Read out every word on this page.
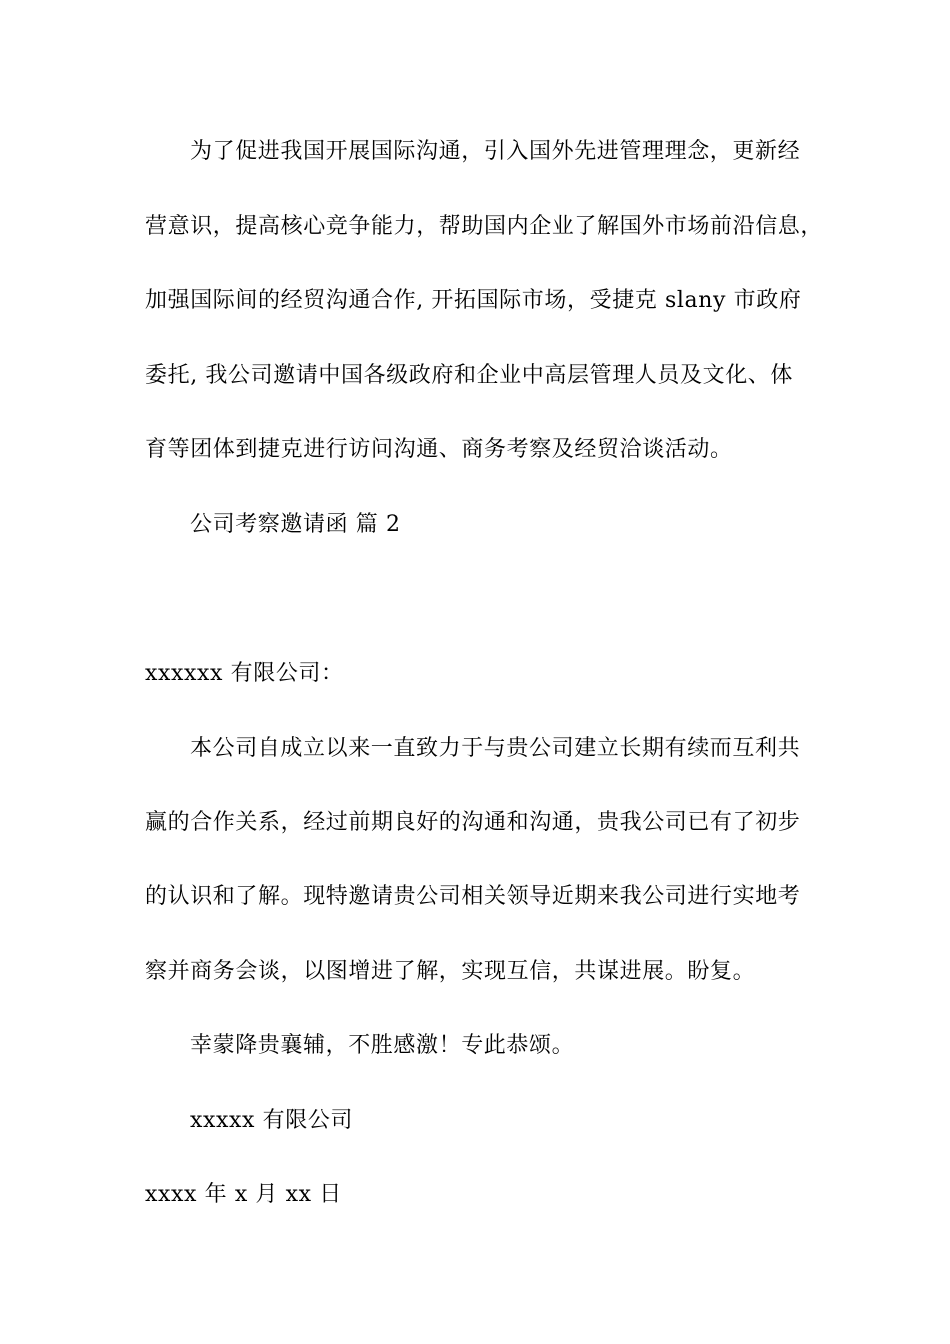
为了促进我国开展国际沟通，引入国外先进管理理念，更新经
营意识，提高核心竞争能力，帮助国内企业了解国外市场前沿信息，
加强国际间的经贸沟通合作, 开拓国际市场，受捷克 slany 市政府
委托, 我公司邀请中国各级政府和企业中高层管理人员及文化、体
育等团体到捷克进行访问沟通、商务考察及经贸洽谈活动。
公司考察邀请函 篇 2
xxxxxx 有限公司：
本公司自成立以来一直致力于与贵公司建立长期有续而互利共
赢的合作关系，经过前期良好的沟通和沟通，贵我公司已有了初步
的认识和了解。现特邀请贵公司相关领导近期来我公司进行实地考
察并商务会谈，以图增进了解，实现互信，共谋进展。盼复。
幸蒙降贵襄辅，不胜感激！专此恭颂。
xxxxx 有限公司
xxxx 年 x 月 xx 日
